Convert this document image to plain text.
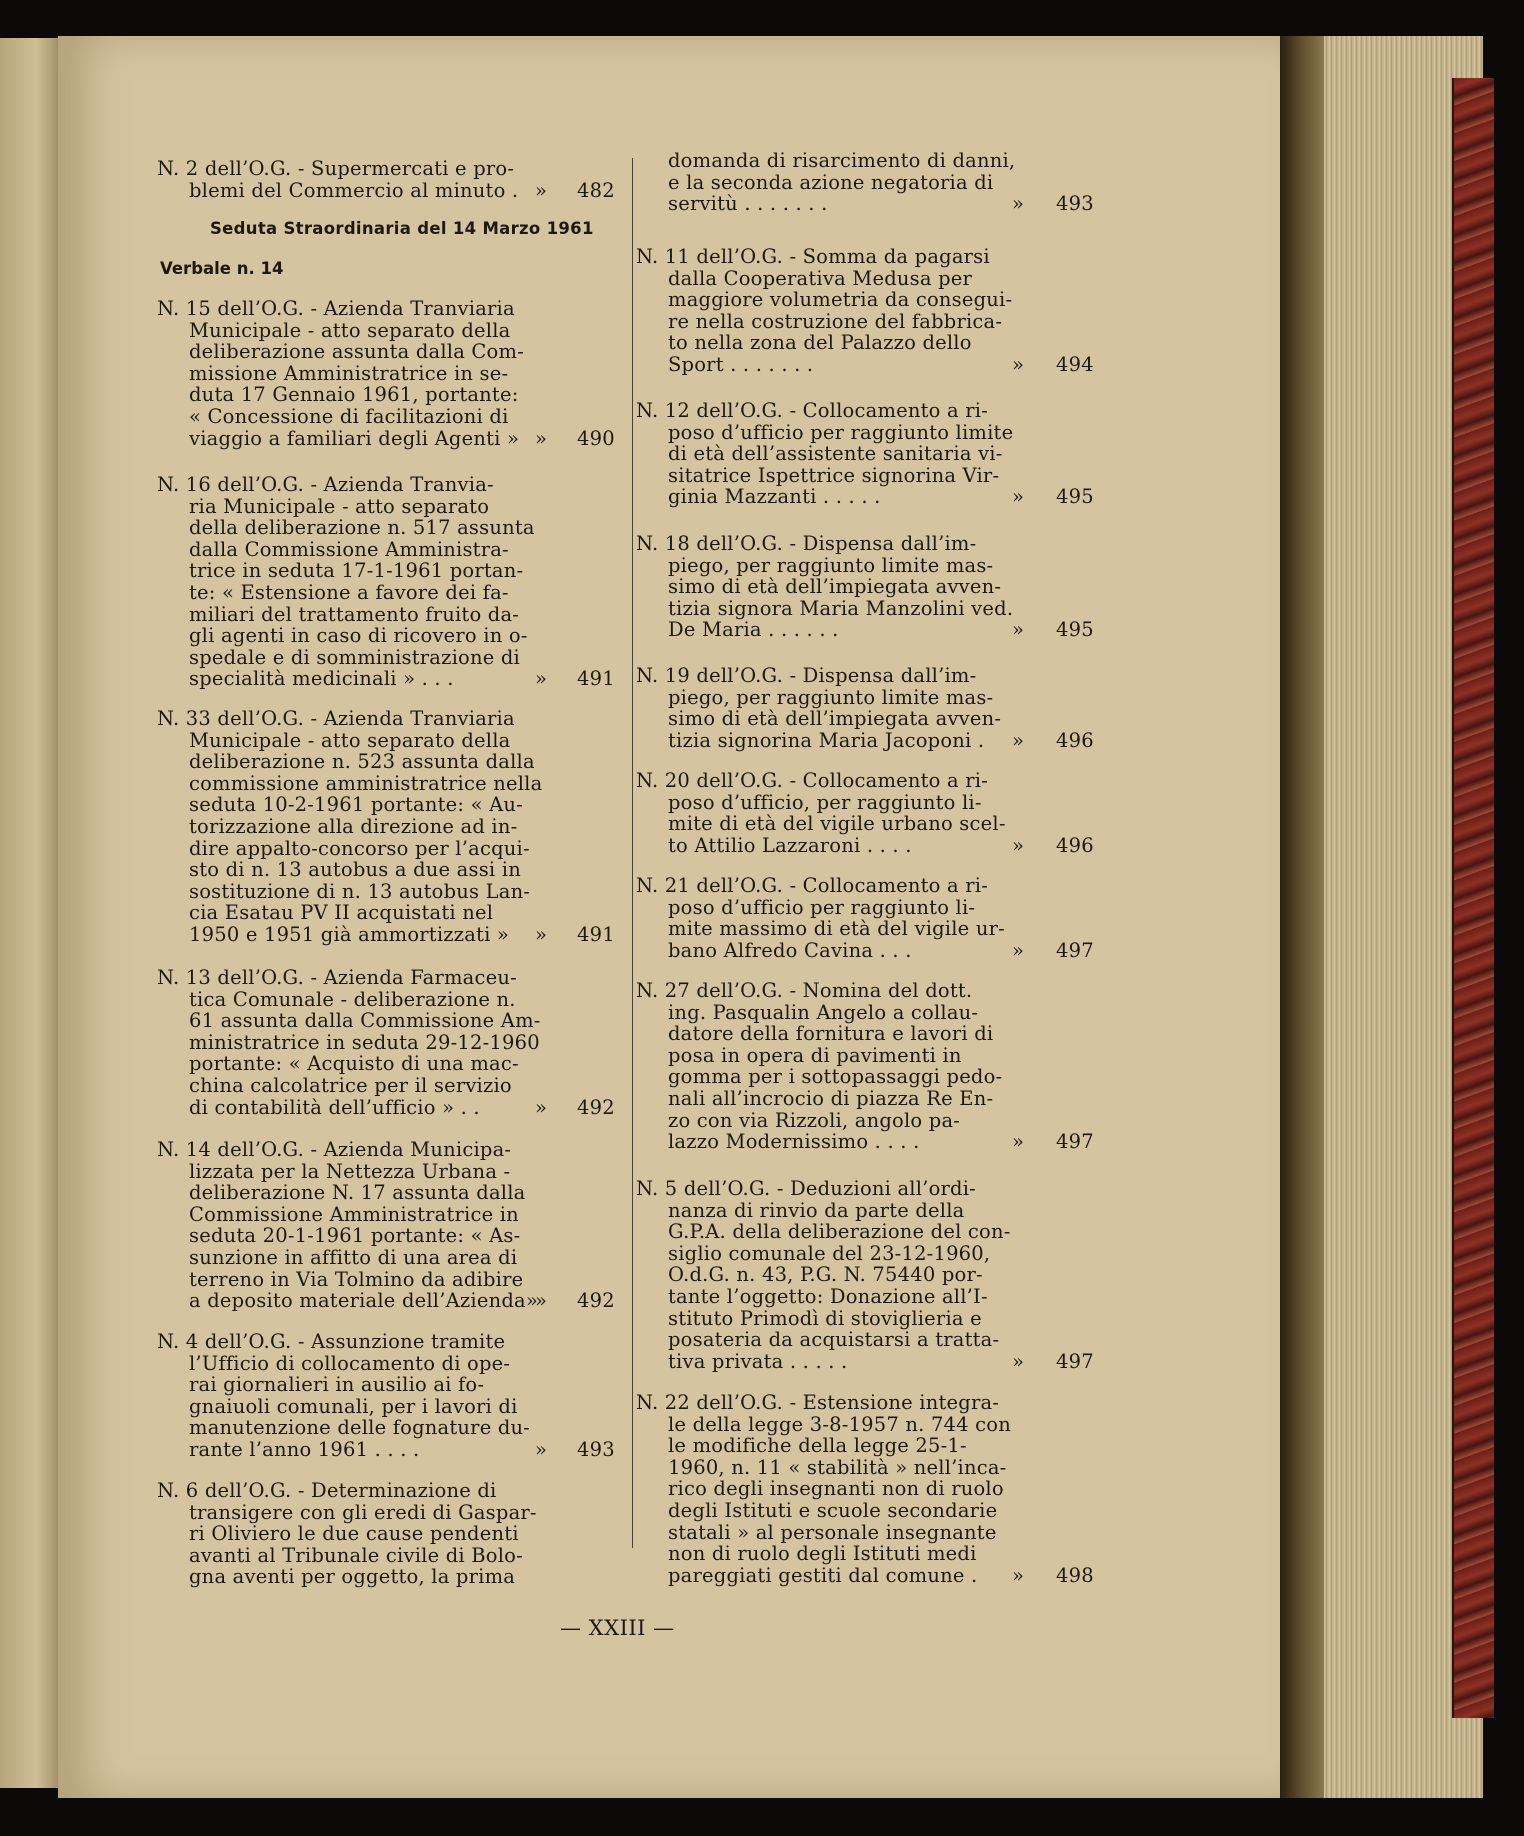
Seduta Straordinaria del 14 Marzo 1961
Verbale n. 14
N. 2 dell’O.G. - Supermercati e pro-
blemi del Commercio al minuto . » 482
N. 15 dell’O.G. - Azienda Tranviaria
Municipale - atto separato della
deliberazione assunta dalla Com-
missione Amministratrice in se-
duta 17 Gennaio 1961, portante:
« Concessione di facilitazioni di
viaggio a familiari degli Agenti » » 490
N. 16 dell’O.G. - Azienda Tranvia-
ria Municipale - atto separato
della deliberazione n. 517 assunta
dalla Commissione Amministra-
trice in seduta 17-1-1961 portan-
te: « Estensione a favore dei fa-
miliari del trattamento fruito da-
gli agenti in caso di ricovero in o-
spedale e di somministrazione di
specialità medicinali » . . .	» 491
N. 33 dell’O.G. - Azienda Tranviaria
Municipale - atto separato della
deliberazione n. 523 assunta dalla
commissione amministratrice nella
seduta 10-2-1961 portante: « Au-
torizzazione alla direzione ad in-
dire appalto-concorso per l’acqui-
sto di n. 13 autobus a due assi in
sostituzione di n. 13 autobus Lan-
cia Esatau PV II acquistati nel
1950 e 1951 già ammortizzati »	» 491
N. 13 dell’O.G. - Azienda Farmaceu-
tica Comunale - deliberazione n.
61 assunta dalla Commissione Am-
ministratrice in seduta 29-12-1960
portante: « Acquisto di una mac-
china calcolatrice per il servizio
di contabilità dell’ufficio » . .	» 492
N. 14 dell’O.G. - Azienda Municipa-
lizzata per la Nettezza Urbana -
deliberazione N. 17 assunta dalla
Commissione Amministratrice in
seduta 20-1-1961 portante: « As-
sunzione in affitto di una area di
terreno in Via Tolmino da adibire
a deposito materiale dell’Azienda»
» 492
N. 4 dell’O.G. - Assunzione tramite
l’Ufficio di collocamento di ope-
rai giornalieri in ausilio ai fo-
gnaiuoli comunali, per i lavori di
manutenzione delle fognature du-
rante l’anno 1961 . . . .	» 493
N. 6 dell’O.G. - Determinazione di
transigere con gli eredi di Gaspar-
ri Oliviero le due cause pendenti
avanti al Tribunale civile di Bolo-
gna aventi per oggetto, la prima
domanda di risarcimento di danni,
e la seconda azione negatoria di
servitù . . . . . . .	» 493
N. 11 dell’O.G. - Somma da pagarsi
dalla Cooperativa Medusa per
maggiore volumetria da consegui-
re nella costruzione del fabbrica-
to nella zona del Palazzo dello
Sport . . . . . . .	» 494
N. 12 dell’O.G. - Collocamento a ri-
poso d’ufficio per raggiunto limite
di età dell’assistente sanitaria vi-
sitatrice Ispettrice signorina Vir-
ginia Mazzanti . . . . .	» 495
N. 18 dell’O.G. - Dispensa dall’im-
piego, per raggiunto limite mas-
simo di età dell’impiegata avven-
tizia signora Maria Manzolini ved.
De Maria . . . . . .	» 495
N. 19 dell’O.G. - Dispensa dall’im-
piego, per raggiunto limite mas-
simo di età dell’impiegata avven-
tizia signorina Maria Jacoponi .	» 496
N. 20 dell’O.G. - Collocamento a ri-
poso d’ufficio, per raggiunto li-
mite di età del vigile urbano scel-
to Attilio Lazzaroni . . . .	» 496
N. 21 dell’O.G. - Collocamento a ri-
poso d’ufficio per raggiunto li-
mite massimo di età del vigile ur-
bano Alfredo Cavina . . .	» 497
N. 27 dell’O.G. - Nomina del dott.
ing. Pasqualin Angelo a collau-
datore della fornitura e lavori di
posa in opera di pavimenti in
gomma per i sottopassaggi pedo-
nali all’incrocio di piazza Re En-
zo con via Rizzoli, angolo pa-
lazzo Modernissimo . . . .	» 497
N. 5 dell’O.G. - Deduzioni all’ordi-
nanza di rinvio da parte della
G.P.A. della deliberazione del con-
siglio comunale del 23-12-1960,
O.d.G. n. 43, P.G. N. 75440 por-
tante l’oggetto: Donazione all’I-
stituto Primodì di stoviglieria e
posateria da acquistarsi a tratta-
tiva privata . . . . .	» 497
N. 22 dell’O.G. - Estensione integra-
le della legge 3-8-1957 n. 744 con
le modifiche della legge 25-1-
1960, n. 11 « stabilità » nell’inca-
rico degli insegnanti non di ruolo
degli Istituti e scuole secondarie
statali » al personale insegnante
non di ruolo degli Istituti medi
pareggiati gestiti dal comune .	» 498
— XXIII —
